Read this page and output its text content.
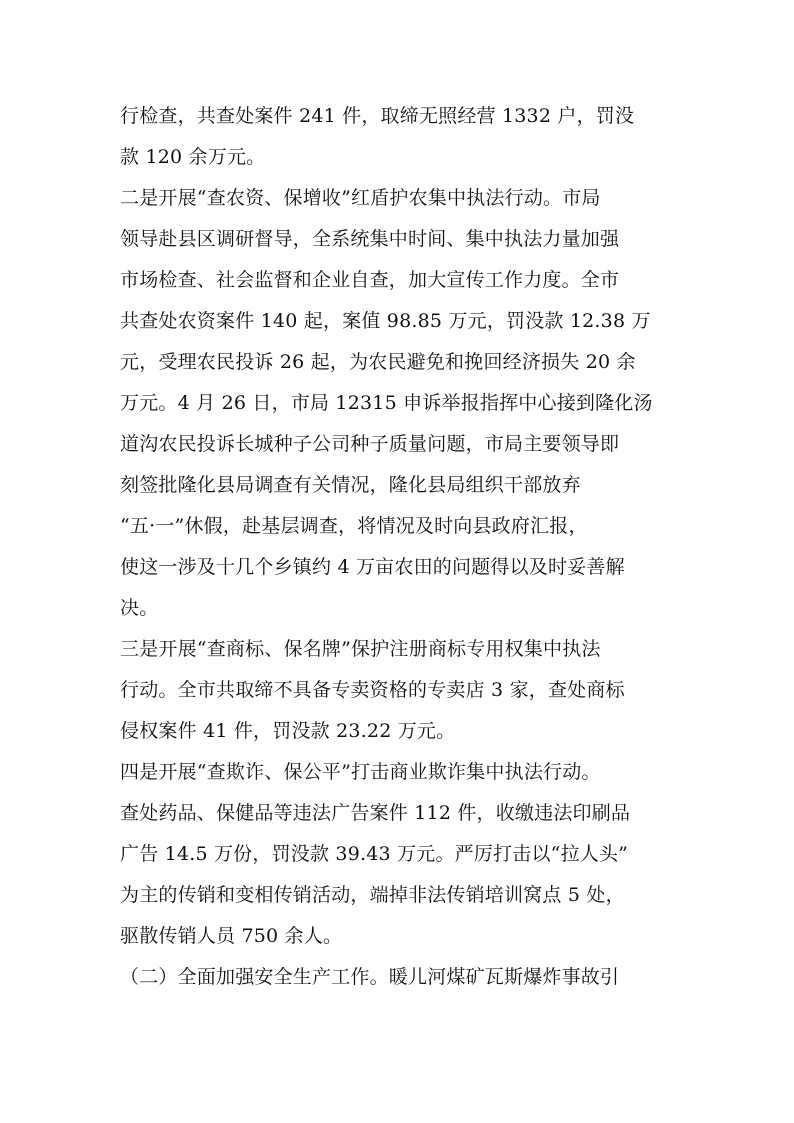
行检查，共查处案件 241 件，取缔无照经营 1332 户，罚没
款 120 余万元。
二是开展“查农资、保增收”红盾护农集中执法行动。市局
领导赴县区调研督导，全系统集中时间、集中执法力量加强
市场检查、社会监督和企业自查，加大宣传工作力度。全市
共查处农资案件 140 起，案值 98.85 万元，罚没款 12.38 万
元，受理农民投诉 26 起，为农民避免和挽回经济损失 20 余
万元。4 月 26 日，市局 12315 申诉举报指挥中心接到隆化汤
道沟农民投诉长城种子公司种子质量问题，市局主要领导即
刻签批隆化县局调查有关情况，隆化县局组织干部放弃
“五·一”休假，赴基层调查，将情况及时向县政府汇报，
使这一涉及十几个乡镇约 4 万亩农田的问题得以及时妥善解
决。
三是开展“查商标、保名牌”保护注册商标专用权集中执法
行动。全市共取缔不具备专卖资格的专卖店 3 家，查处商标
侵权案件 41 件，罚没款 23.22 万元。
四是开展“查欺诈、保公平”打击商业欺诈集中执法行动。
查处药品、保健品等违法广告案件 112 件，收缴违法印刷品
广告 14.5 万份，罚没款 39.43 万元。严厉打击以“拉人头”
为主的传销和变相传销活动，端掉非法传销培训窝点 5 处，
驱散传销人员 750 余人。
（二）全面加强安全生产工作。暖儿河煤矿瓦斯爆炸事故引
